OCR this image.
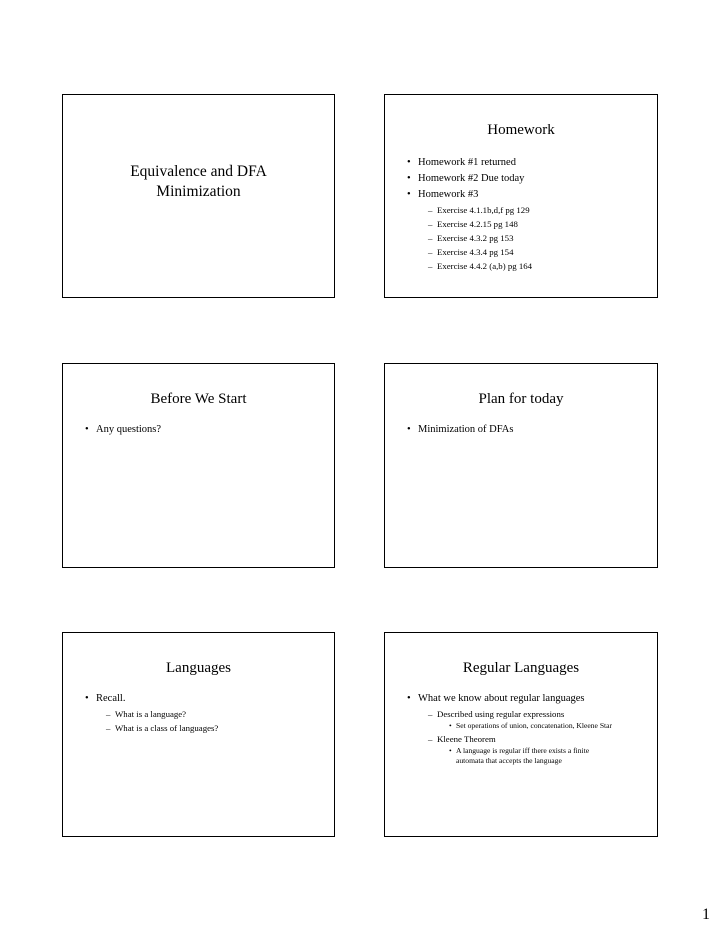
Equivalence and DFA
Minimization
Homework
• Homework #1 returned
• Homework #2 Due today
• Homework #3
– Exercise 4.1.1b,d,f pg 129
– Exercise 4.2.15 pg 148
– Exercise 4.3.2 pg 153
– Exercise 4.3.4 pg 154
– Exercise 4.4.2 (a,b) pg 164
Before We Start
• Any questions?
Plan for today
• Minimization of DFAs
Languages
• Recall.
– What is a language?
– What is a class of languages?
Regular Languages
• What we know about regular languages
– Described using regular expressions
• Set operations of union, concatenation, Kleene Star
– Kleene Theorem
• A language is regular iff there exists a finite automata that accepts the language
1
